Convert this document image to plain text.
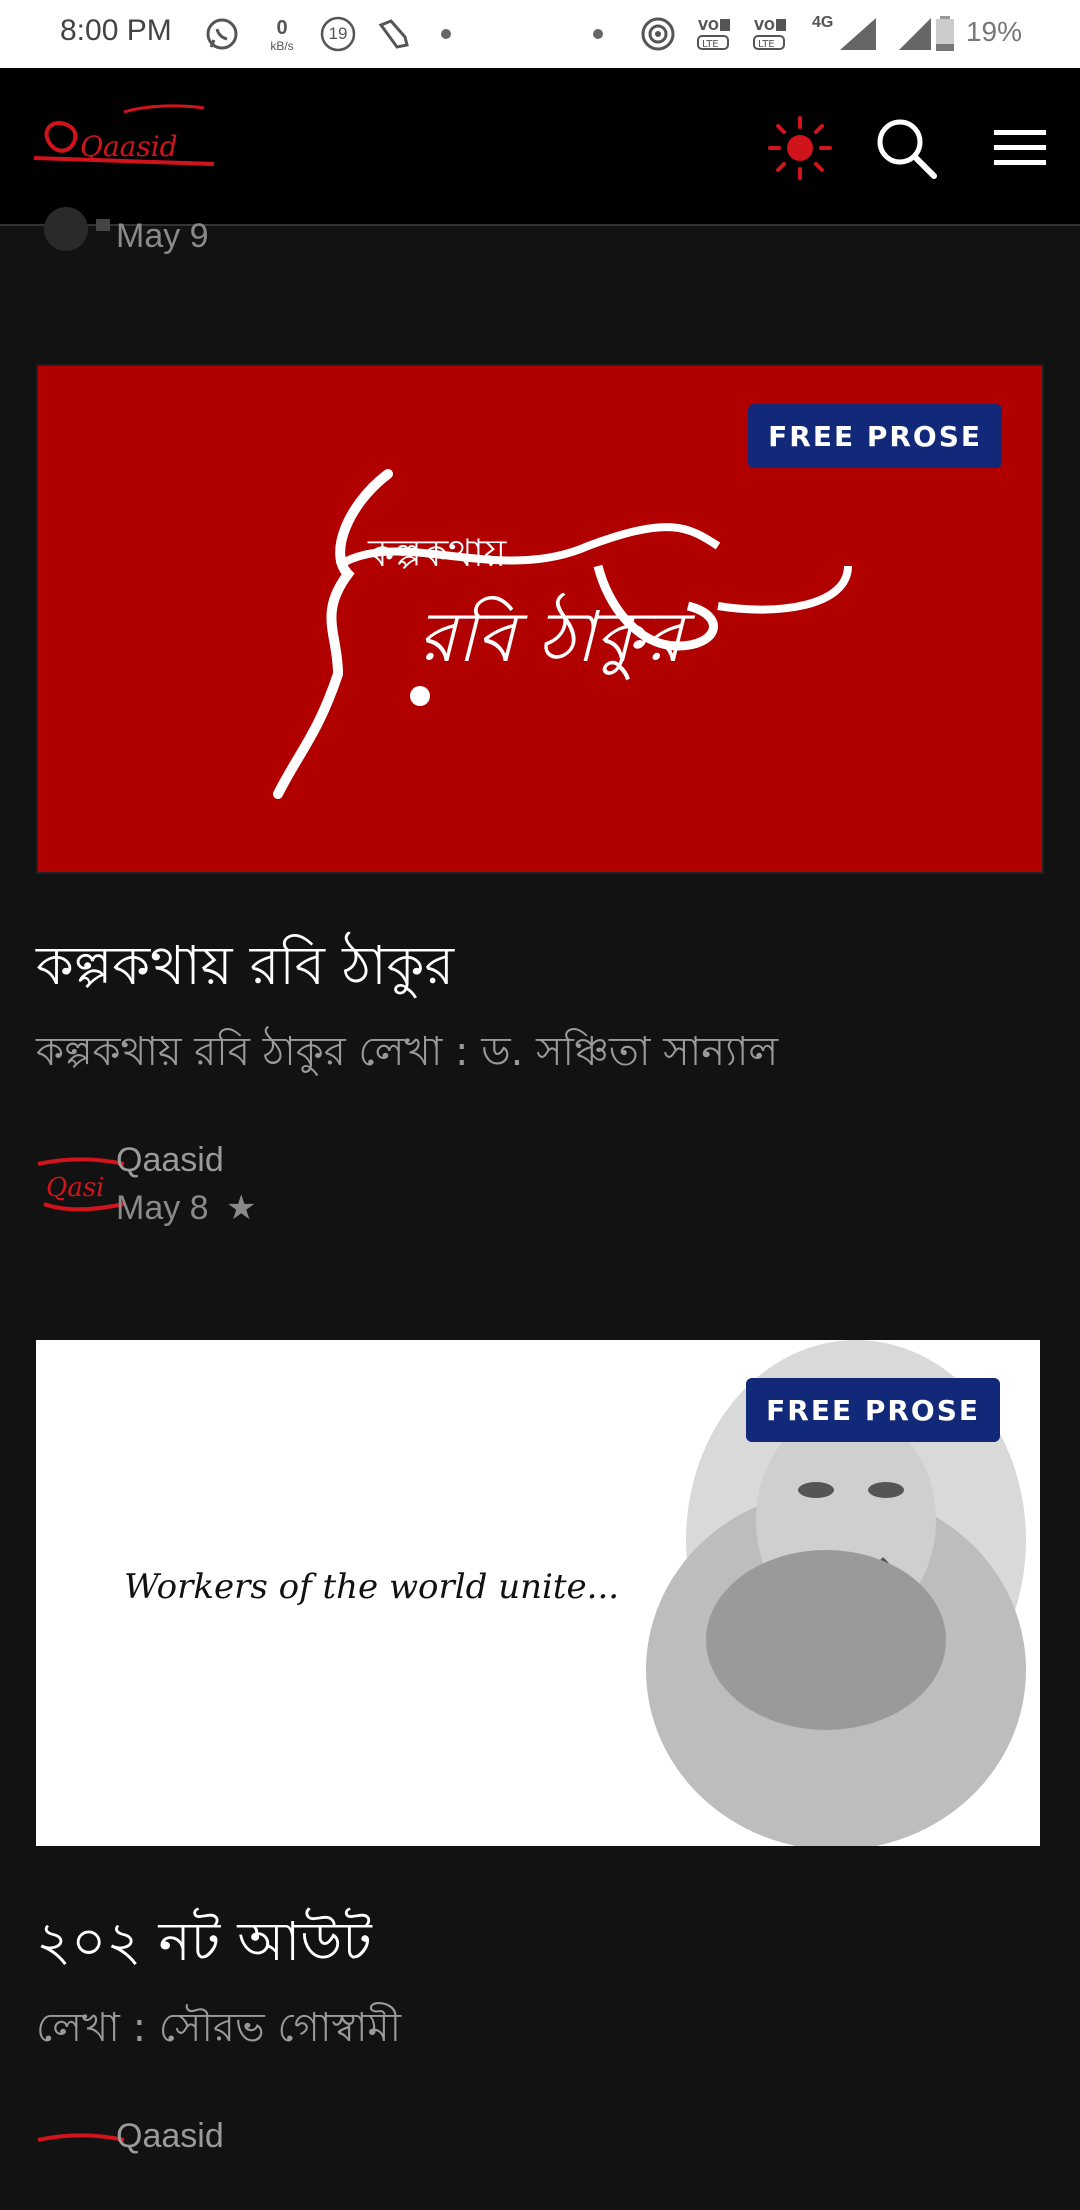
8:00 PM	0
kB/s
19	VO
LTE
VO
LTE
4G	19%
Qaasid
May 9
কল্পকথায়
রবি ঠাকুর
FREE PROSE
কল্পকথায় রবি ঠাকুর
কল্পকথায় রবি ঠাকুর লেখা : ড. সঞ্চিতা সান্যাল
Qasi
Qaasid
May 8 ★
Workers of the world unite...
FREE PROSE
২০২ নট আউট
লেখা : সৌরভ গোস্বামী
Qaasid
